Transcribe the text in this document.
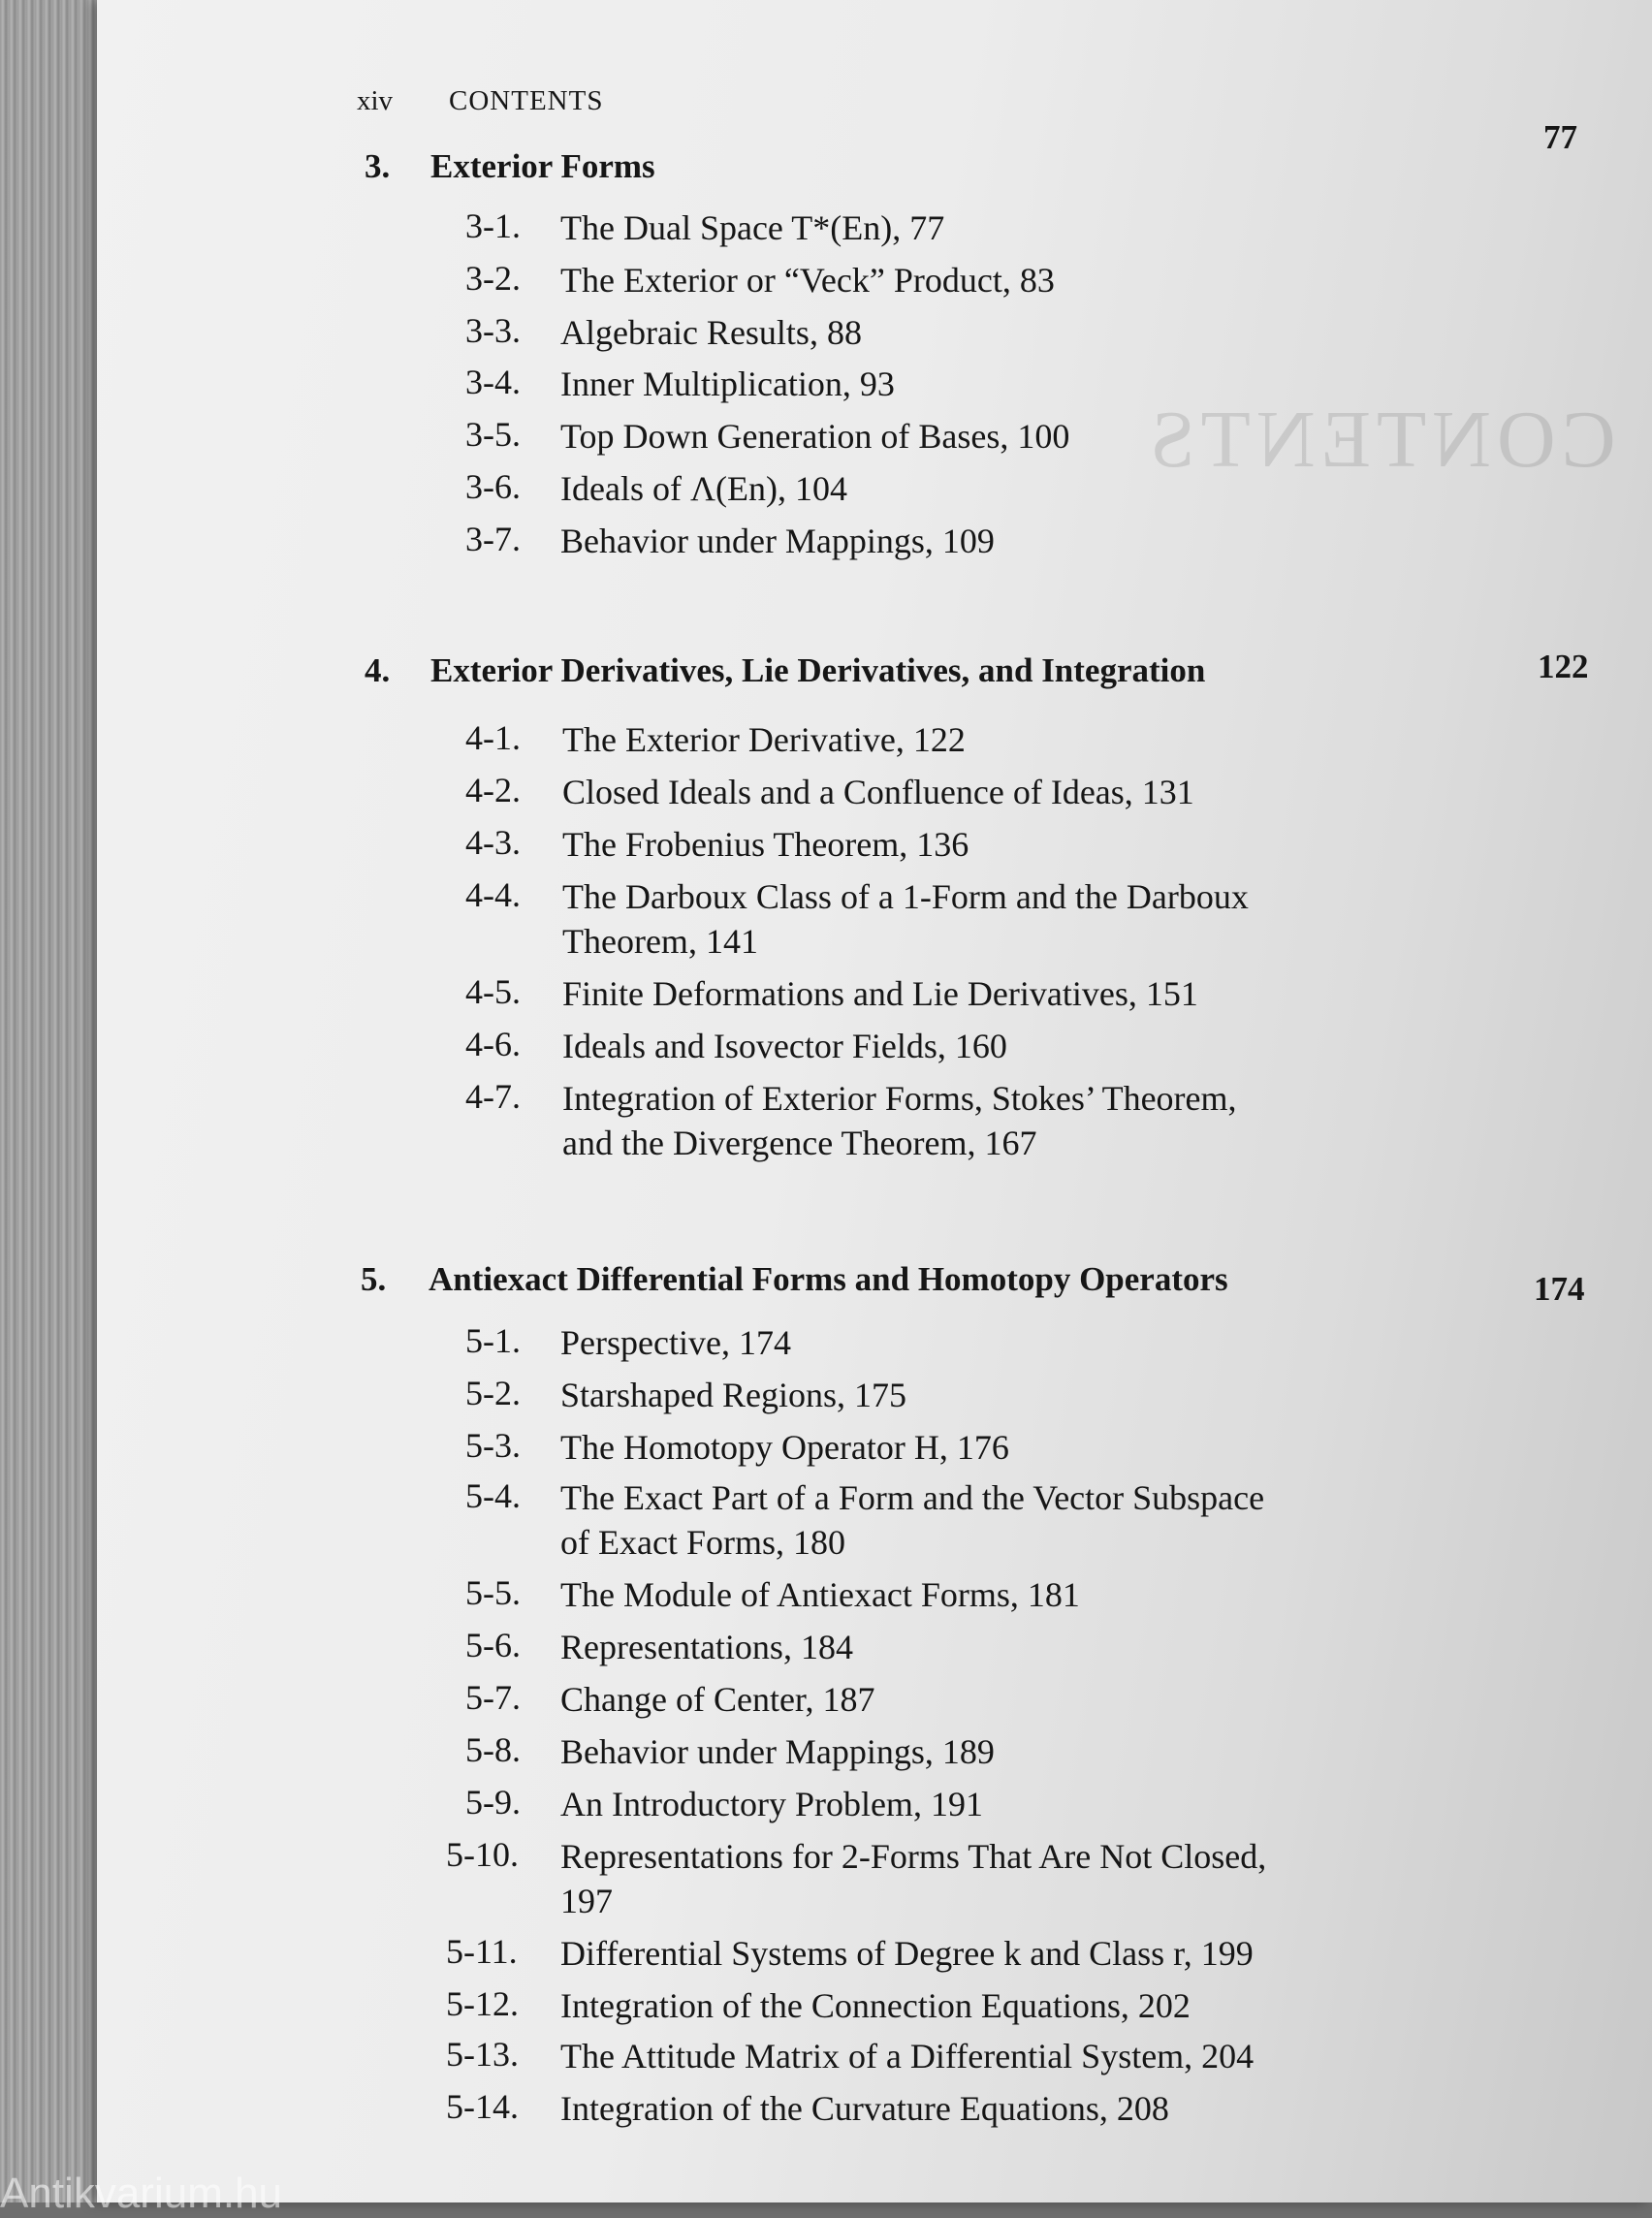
CONTENTS
xiv CONTENTS
3. Exterior Forms
77
3-1. The Dual Space T*(En), 77
3-2. The Exterior or “Veck” Product, 83
3-3. Algebraic Results, 88
3-4. Inner Multiplication, 93
3-5. Top Down Generation of Bases, 100
3-6. Ideals of Λ(En), 104
3-7. Behavior under Mappings, 109
4. Exterior Derivatives, Lie Derivatives, and Integration	122
4-1. The Exterior Derivative, 122
4-2. Closed Ideals and a Confluence of Ideas, 131
4-3. The Frobenius Theorem, 136
4-4. The Darboux Class of a 1-Form and the Darboux
Theorem, 141
4-5. Finite Deformations and Lie Derivatives, 151
4-6. Ideals and Isovector Fields, 160
4-7. Integration of Exterior Forms, Stokes’ Theorem,
and the Divergence Theorem, 167
5. Antiexact Differential Forms and Homotopy Operators	174
5-1. Perspective, 174
5-2. Starshaped Regions, 175
5-3. The Homotopy Operator H, 176
5-4. The Exact Part of a Form and the Vector Subspace
of Exact Forms, 180
5-5. The Module of Antiexact Forms, 181
5-6. Representations, 184
5-7. Change of Center, 187
5-8. Behavior under Mappings, 189
5-9. An Introductory Problem, 191
5-10. Representations for 2-Forms That Are Not Closed,
197
5-11. Differential Systems of Degree k and Class r, 199
5-12. Integration of the Connection Equations, 202
5-13. The Attitude Matrix of a Differential System, 204
5-14. Integration of the Curvature Equations, 208
Antikvarium.hu
